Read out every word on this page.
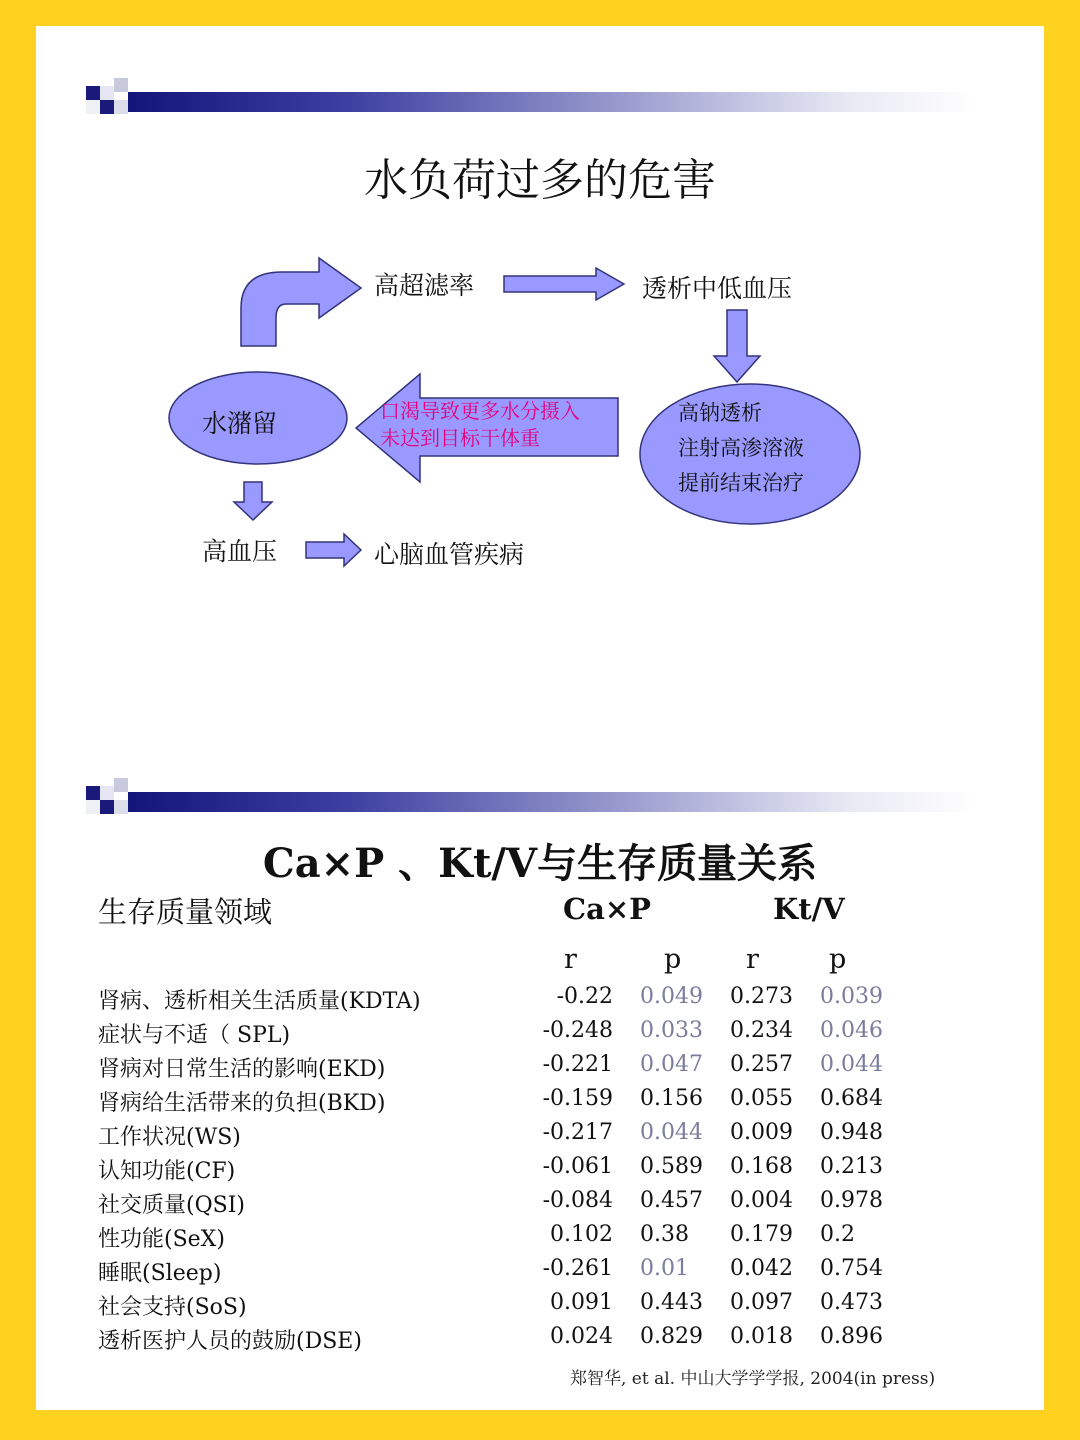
水负荷过多的危害
高超滤率	透析中低血压
水潴留
高血压	心脑血管疾病
口渴导致更多水分摄入
未达到目标干体重
高钠透析
注射高渗溶液
提前结束治疗
Ca×P 、Kt/V与生存质量关系
生存质量领域	Ca×P	Kt/V
r	p r	p
肾病、透析相关生活质量(KDTA)	-0.22 0.049 0.273 0.039
症状与不适（ SPL)	-0.248 0.033 0.234 0.046
肾病对日常生活的影响(EKD)	-0.221 0.047 0.257 0.044
肾病给生活带来的负担(BKD)	-0.159 0.156 0.055 0.684
工作状况(WS)	-0.217 0.044 0.009 0.948
认知功能(CF)	-0.061 0.589 0.168 0.213
社交质量(QSI)	-0.084 0.457 0.004 0.978
性功能(SeX)	0.102 0.38 0.179 0.2
睡眠(Sleep)	-0.261 0.01 0.042 0.754
社会支持(SoS)	0.091 0.443 0.097 0.473
透析医护人员的鼓励(DSE)	0.024 0.829 0.018 0.896
郑智华, et al. 中山大学学学报, 2004(in press)
